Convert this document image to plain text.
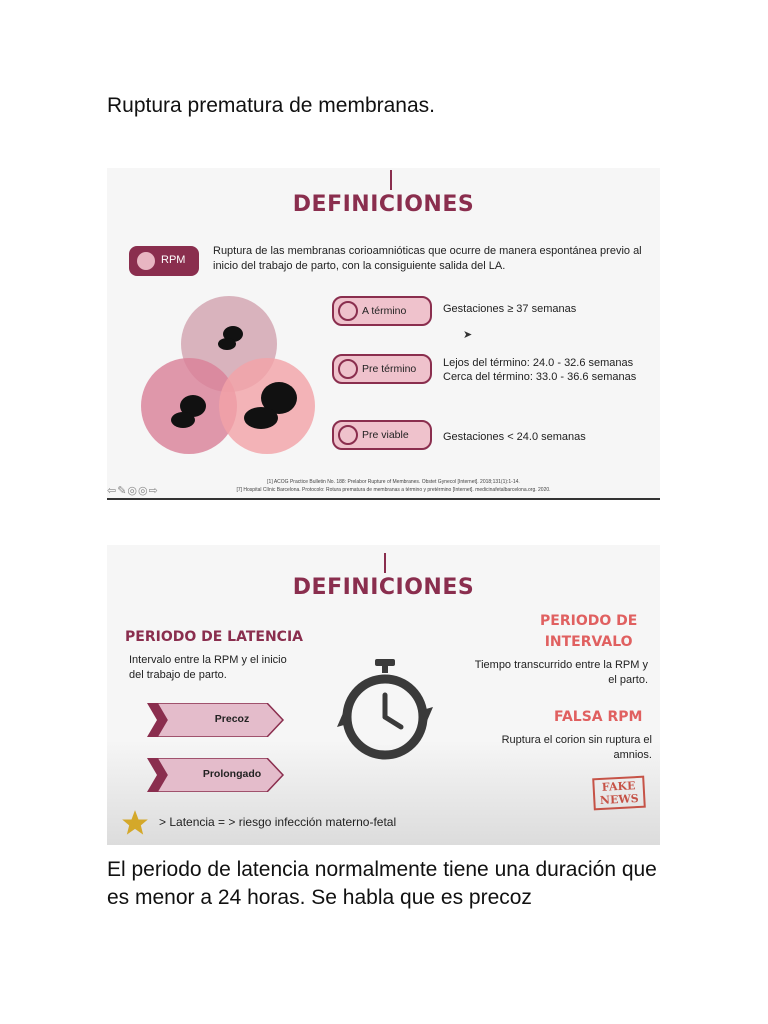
Ruptura prematura de membranas.
DEFINICIONES
RPM
Ruptura de las membranas corioamnióticas que ocurre de manera espontánea previo al inicio del trabajo de parto, con la consiguiente salida del LA.
A término	Gestaciones ≥ 37 semanas
➤
Pre término Lejos del término: 24.0 - 32.6 semanas
Cerca del término: 33.0 - 36.6 semanas
Pre viable	Gestaciones < 24.0 semanas
⇦✎◎◎⇨
[1] ACOG Practice Bulletin No. 188: Prelabor Rupture of Membranes. Obstet Gynecol [Internet]. 2018;131(1):1-14.
[7] Hospital Clínic Barcelona. Protocolo: Rotura prematura de membranas a término y pretérmino [Internet]. medicinafetalbarcelona.org. 2020.
DEFINICIONES
PERIODO DE LATENCIA
Intervalo entre la RPM y el inicio
del trabajo de parto.
Precoz
Prolongado
PERIODO DE
INTERVALO
Tiempo transcurrido entre la RPM y
el parto.
FALSA RPM
Ruptura el corion sin ruptura el
amnios.
FAKE
NEWS
> Latencia = > riesgo infección materno-fetal
El periodo de latencia normalmente tiene una duración que es menor a 24 horas. Se habla que es precoz
